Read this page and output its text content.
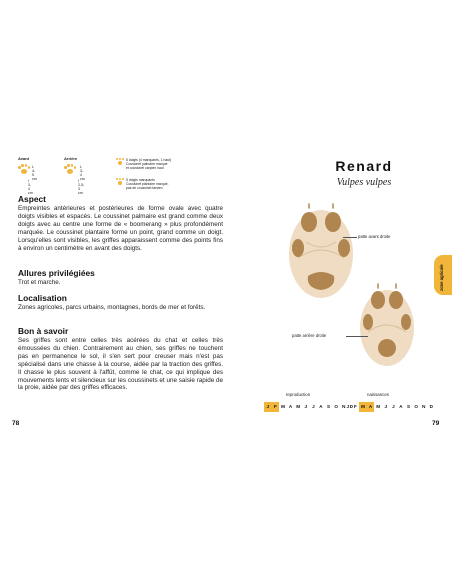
Avant
L 4-5 cm
l 3-4 cm
Arrière
L 3-4 cm
l 2,5-3 cm
5 doigts (4 marquants, 1 haut)
Coussinet palmaire marqué
et coussinet carpien haut
5 doigts marquants
Coussinet plantaire marqué,
pas de coussinet tarsien
Aspect
Empreintes antérieures et postérieures de forme ovale avec quatre doigts visibles et espacés. Le coussinet palmaire est grand comme deux doigts avec au centre une forme de « boomerang » plus profondément marquée. Le coussinet plantaire forme un point, grand comme un doigt. Lorsqu'elles sont visibles, les griffes apparaissent comme des points fins à environ un centimètre en avant des doigts.
Allures privilégiées
Trot et marche.
Localisation
Zones agricoles, parcs urbains, montagnes, bords de mer et forêts.
Bon à savoir
Ses griffes sont entre celles très acérées du chat et celles très émoussées du chien. Contrairement au chien, ses griffes ne touchent pas en permanence le sol, il s'en sert pour creuser mais n'est pas spécialisé dans une chasse à la course, aidée par la traction des griffes. Il chasse le plus souvent à l'affût, comme le chat, ce qui implique des mouvements lents et silencieux sur les coussinets et une saisie rapide de la proie, aidée par des griffes efficaces.
78
Renard
Vulpes vulpes
zone agricole
patte avant droite
patte arrière droite
reproduction	naissances
J	F M A M J	J	A S O N D
J	F M A M J	J	A S O N D
79
